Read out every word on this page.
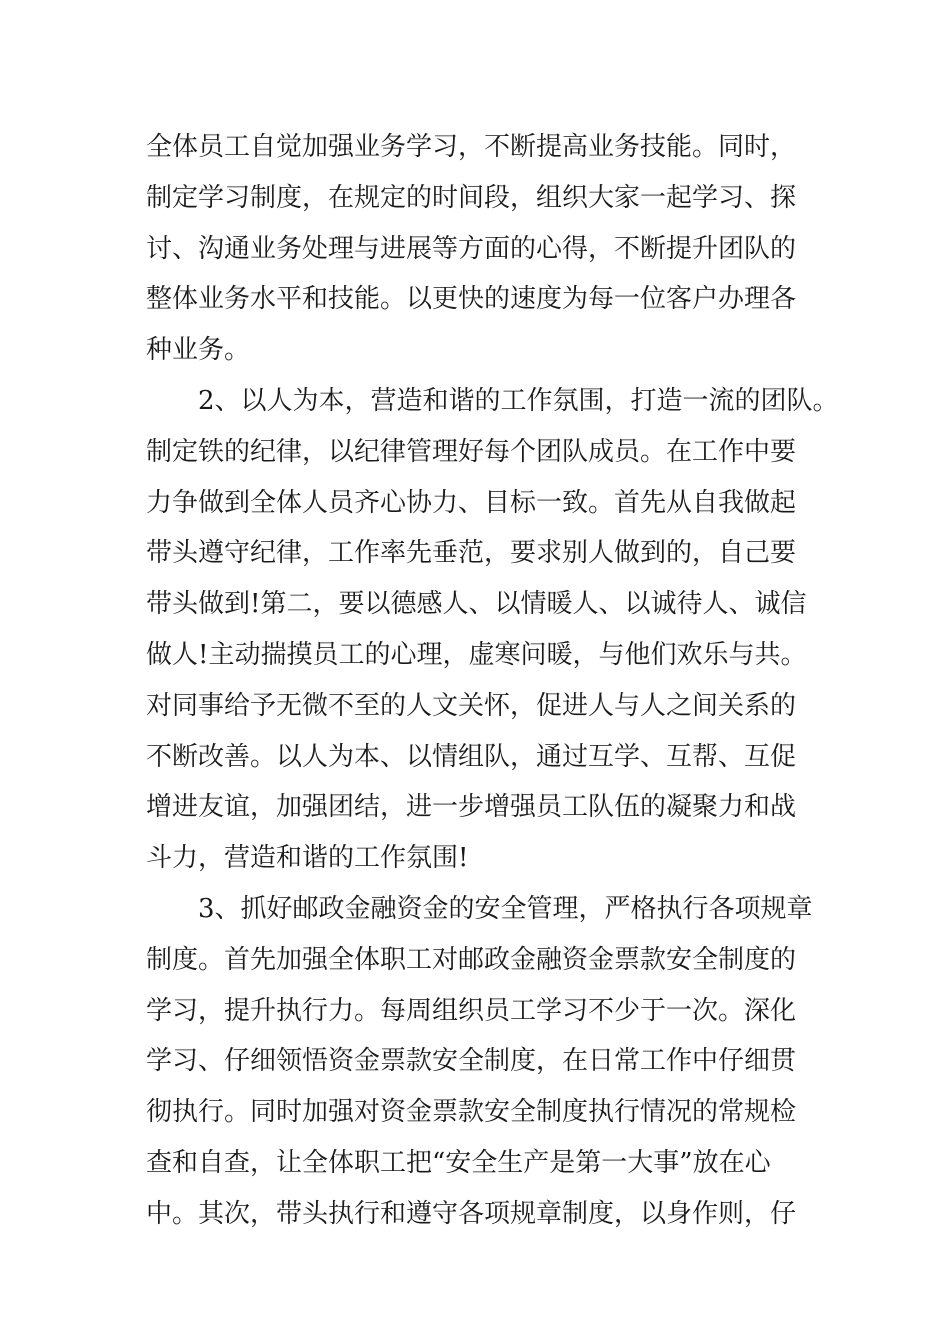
全体员工自觉加强业务学习，不断提高业务技能。同时，
制定学习制度，在规定的时间段，组织大家一起学习、探
讨、沟通业务处理与进展等方面的心得，不断提升团队的
整体业务水平和技能。以更快的速度为每一位客户办理各
种业务。
2、以人为本，营造和谐的工作氛围，打造一流的团队。
制定铁的纪律，以纪律管理好每个团队成员。在工作中要
力争做到全体人员齐心协力、目标一致。首先从自我做起
带头遵守纪律，工作率先垂范，要求别人做到的，自己要
带头做到!第二，要以德感人、以情暖人、以诚待人、诚信
做人!主动揣摸员工的心理，虚寒问暖，与他们欢乐与共。
对同事给予无微不至的人文关怀，促进人与人之间关系的
不断改善。以人为本、以情组队，通过互学、互帮、互促
增进友谊，加强团结，进一步增强员工队伍的凝聚力和战
斗力，营造和谐的工作氛围!
3、抓好邮政金融资金的安全管理，严格执行各项规章
制度。首先加强全体职工对邮政金融资金票款安全制度的
学习，提升执行力。每周组织员工学习不少于一次。深化
学习、仔细领悟资金票款安全制度，在日常工作中仔细贯
彻执行。同时加强对资金票款安全制度执行情况的常规检
查和自查，让全体职工把“安全生产是第一大事”放在心
中。其次，带头执行和遵守各项规章制度，以身作则，仔
